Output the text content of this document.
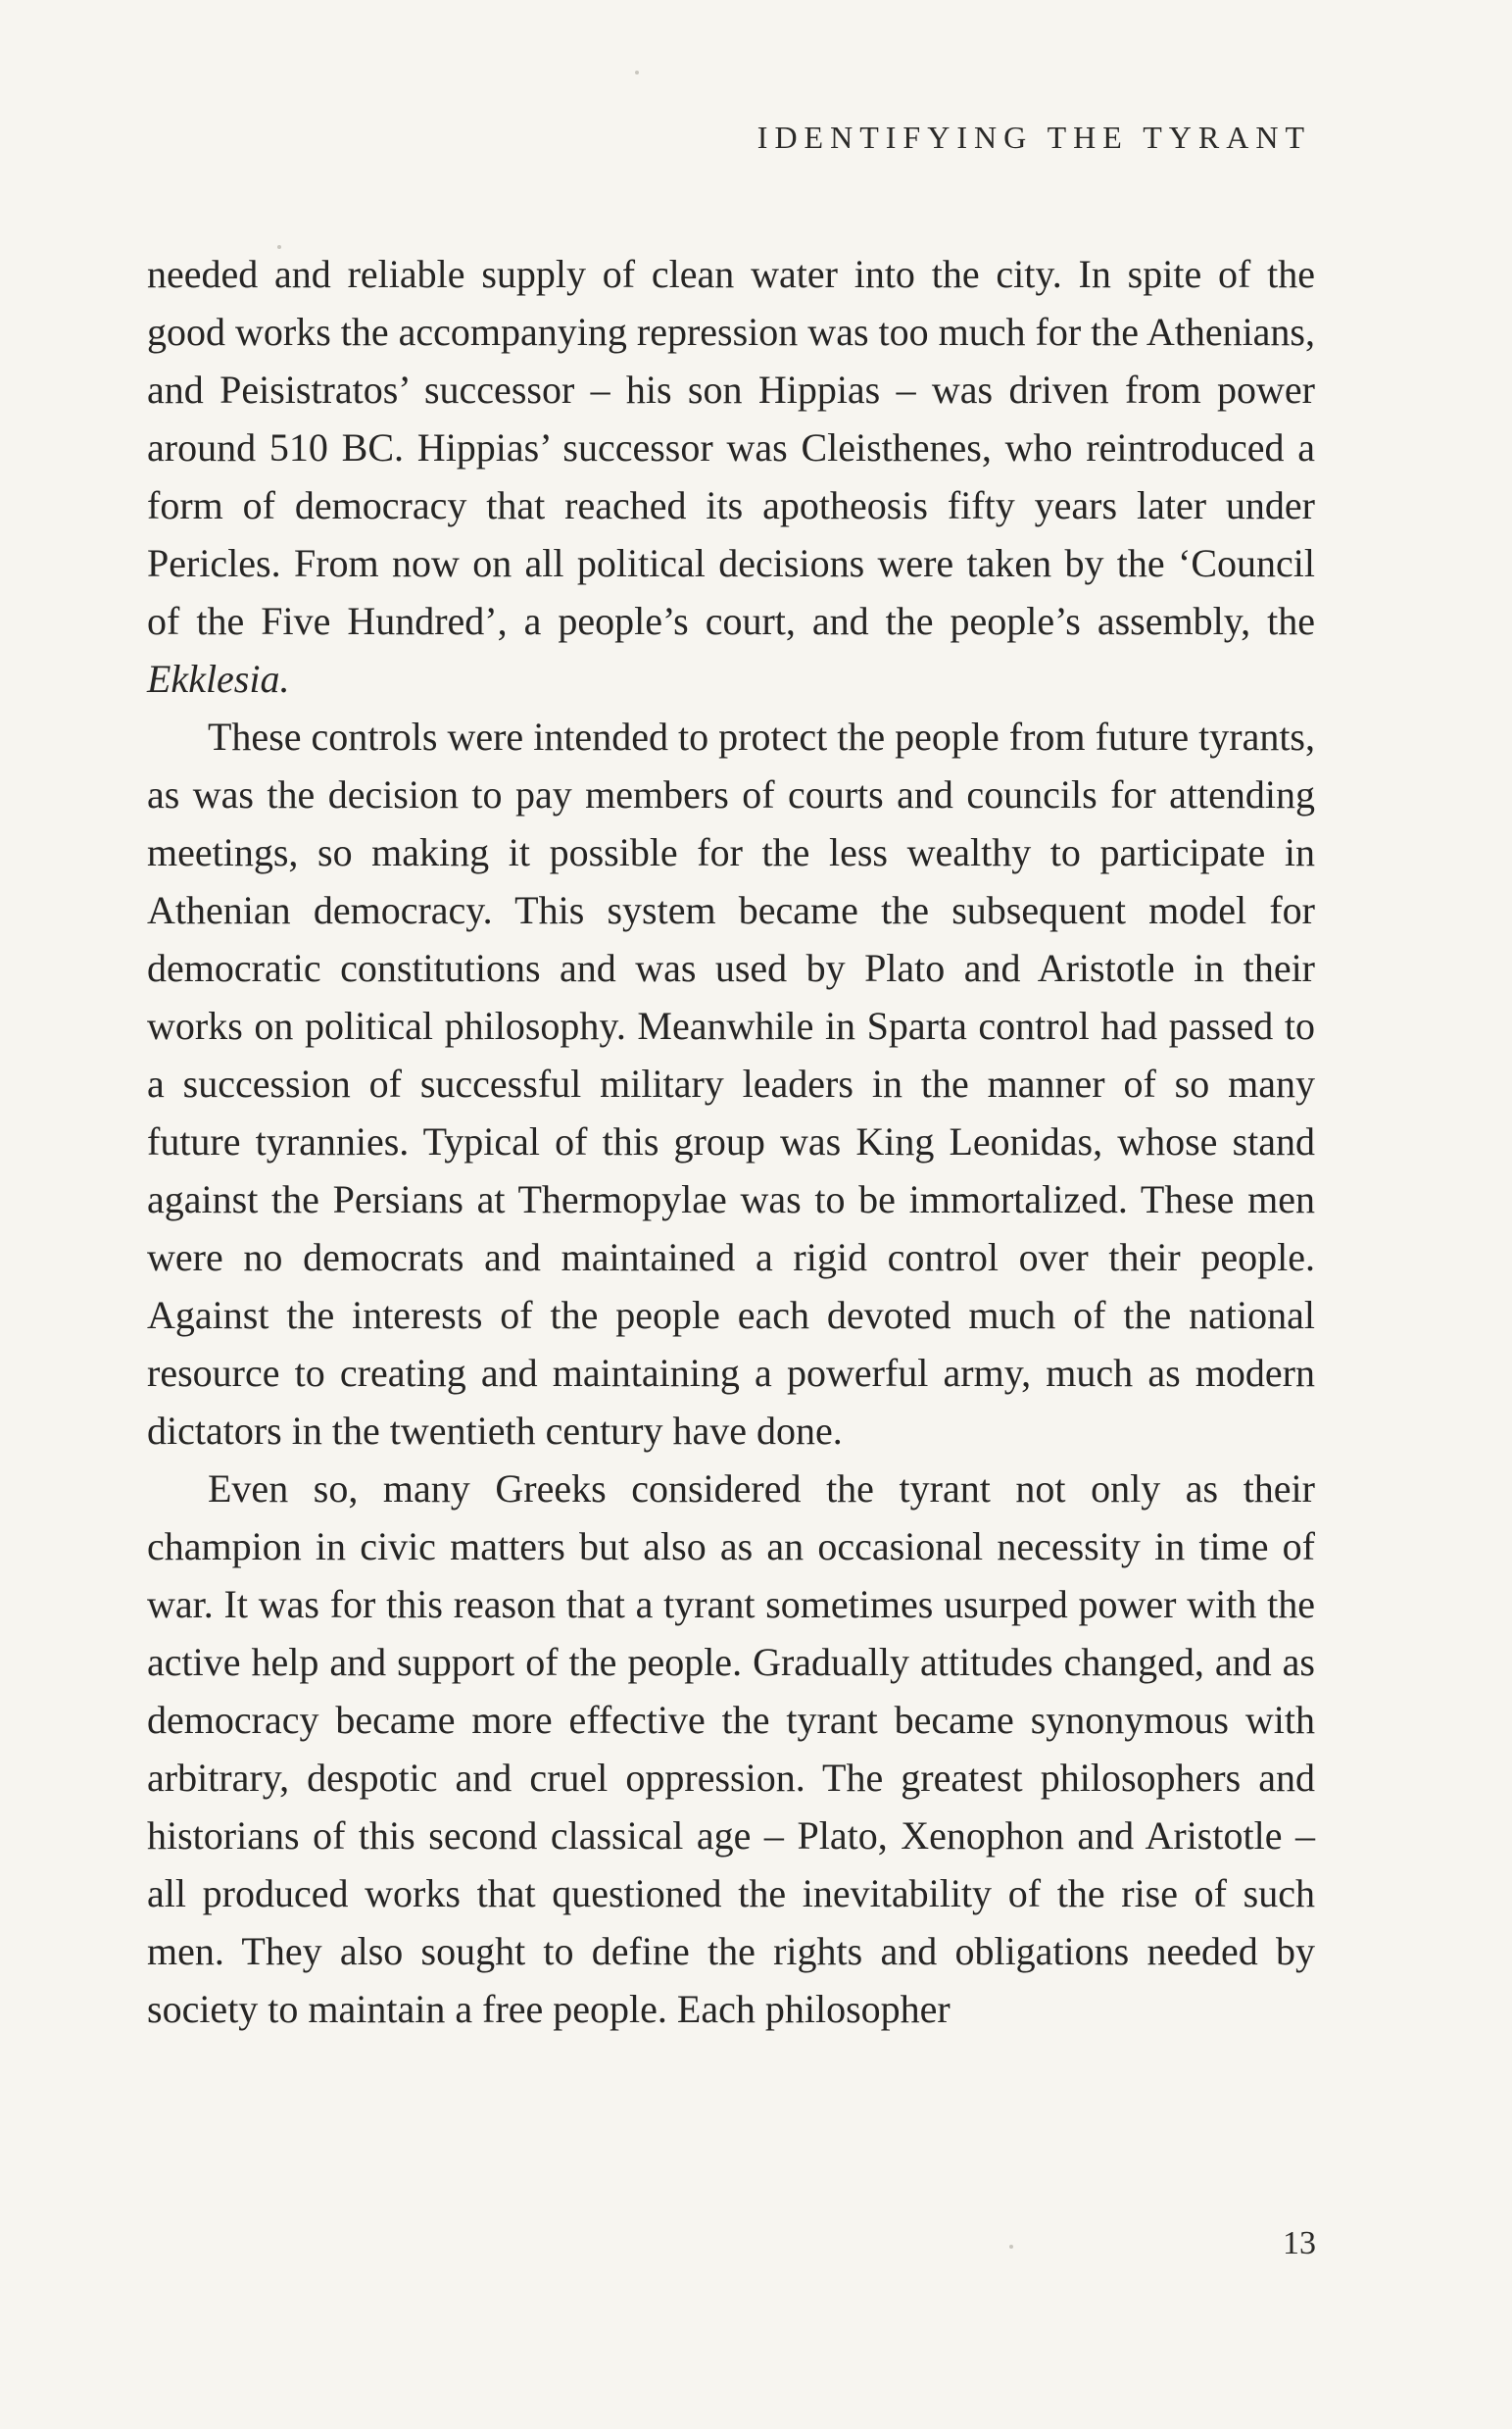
IDENTIFYING THE TYRANT

needed and reliable supply of clean water into the city. In spite of the good works the accompanying repression was too much for the Athenians, and Peisistratos’ successor – his son Hippias – was driven from power around 510 BC. Hippias’ successor was Cleisthenes, who reintroduced a form of democracy that reached its apotheosis fifty years later under Pericles. From now on all political decisions were taken by the ‘Council of the Five Hundred’, a people’s court, and the people’s assembly, the Ekklesia.

These controls were intended to protect the people from future tyrants, as was the decision to pay members of courts and councils for attending meetings, so making it possible for the less wealthy to participate in Athenian democracy. This system became the subsequent model for democratic constitutions and was used by Plato and Aristotle in their works on political philosophy. Meanwhile in Sparta control had passed to a succession of successful military leaders in the manner of so many future tyrannies. Typical of this group was King Leonidas, whose stand against the Persians at Thermopylae was to be immortalized. These men were no democrats and maintained a rigid control over their people. Against the interests of the people each devoted much of the national resource to creating and maintaining a powerful army, much as modern dictators in the twentieth century have done.

Even so, many Greeks considered the tyrant not only as their champion in civic matters but also as an occasional necessity in time of war. It was for this reason that a tyrant sometimes usurped power with the active help and support of the people. Gradually attitudes changed, and as democracy became more effective the tyrant became synonymous with arbitrary, despotic and cruel oppression. The greatest philosophers and historians of this second classical age – Plato, Xenophon and Aristotle – all produced works that questioned the inevitability of the rise of such men. They also sought to define the rights and obligations needed by society to maintain a free people. Each philosopher

13
